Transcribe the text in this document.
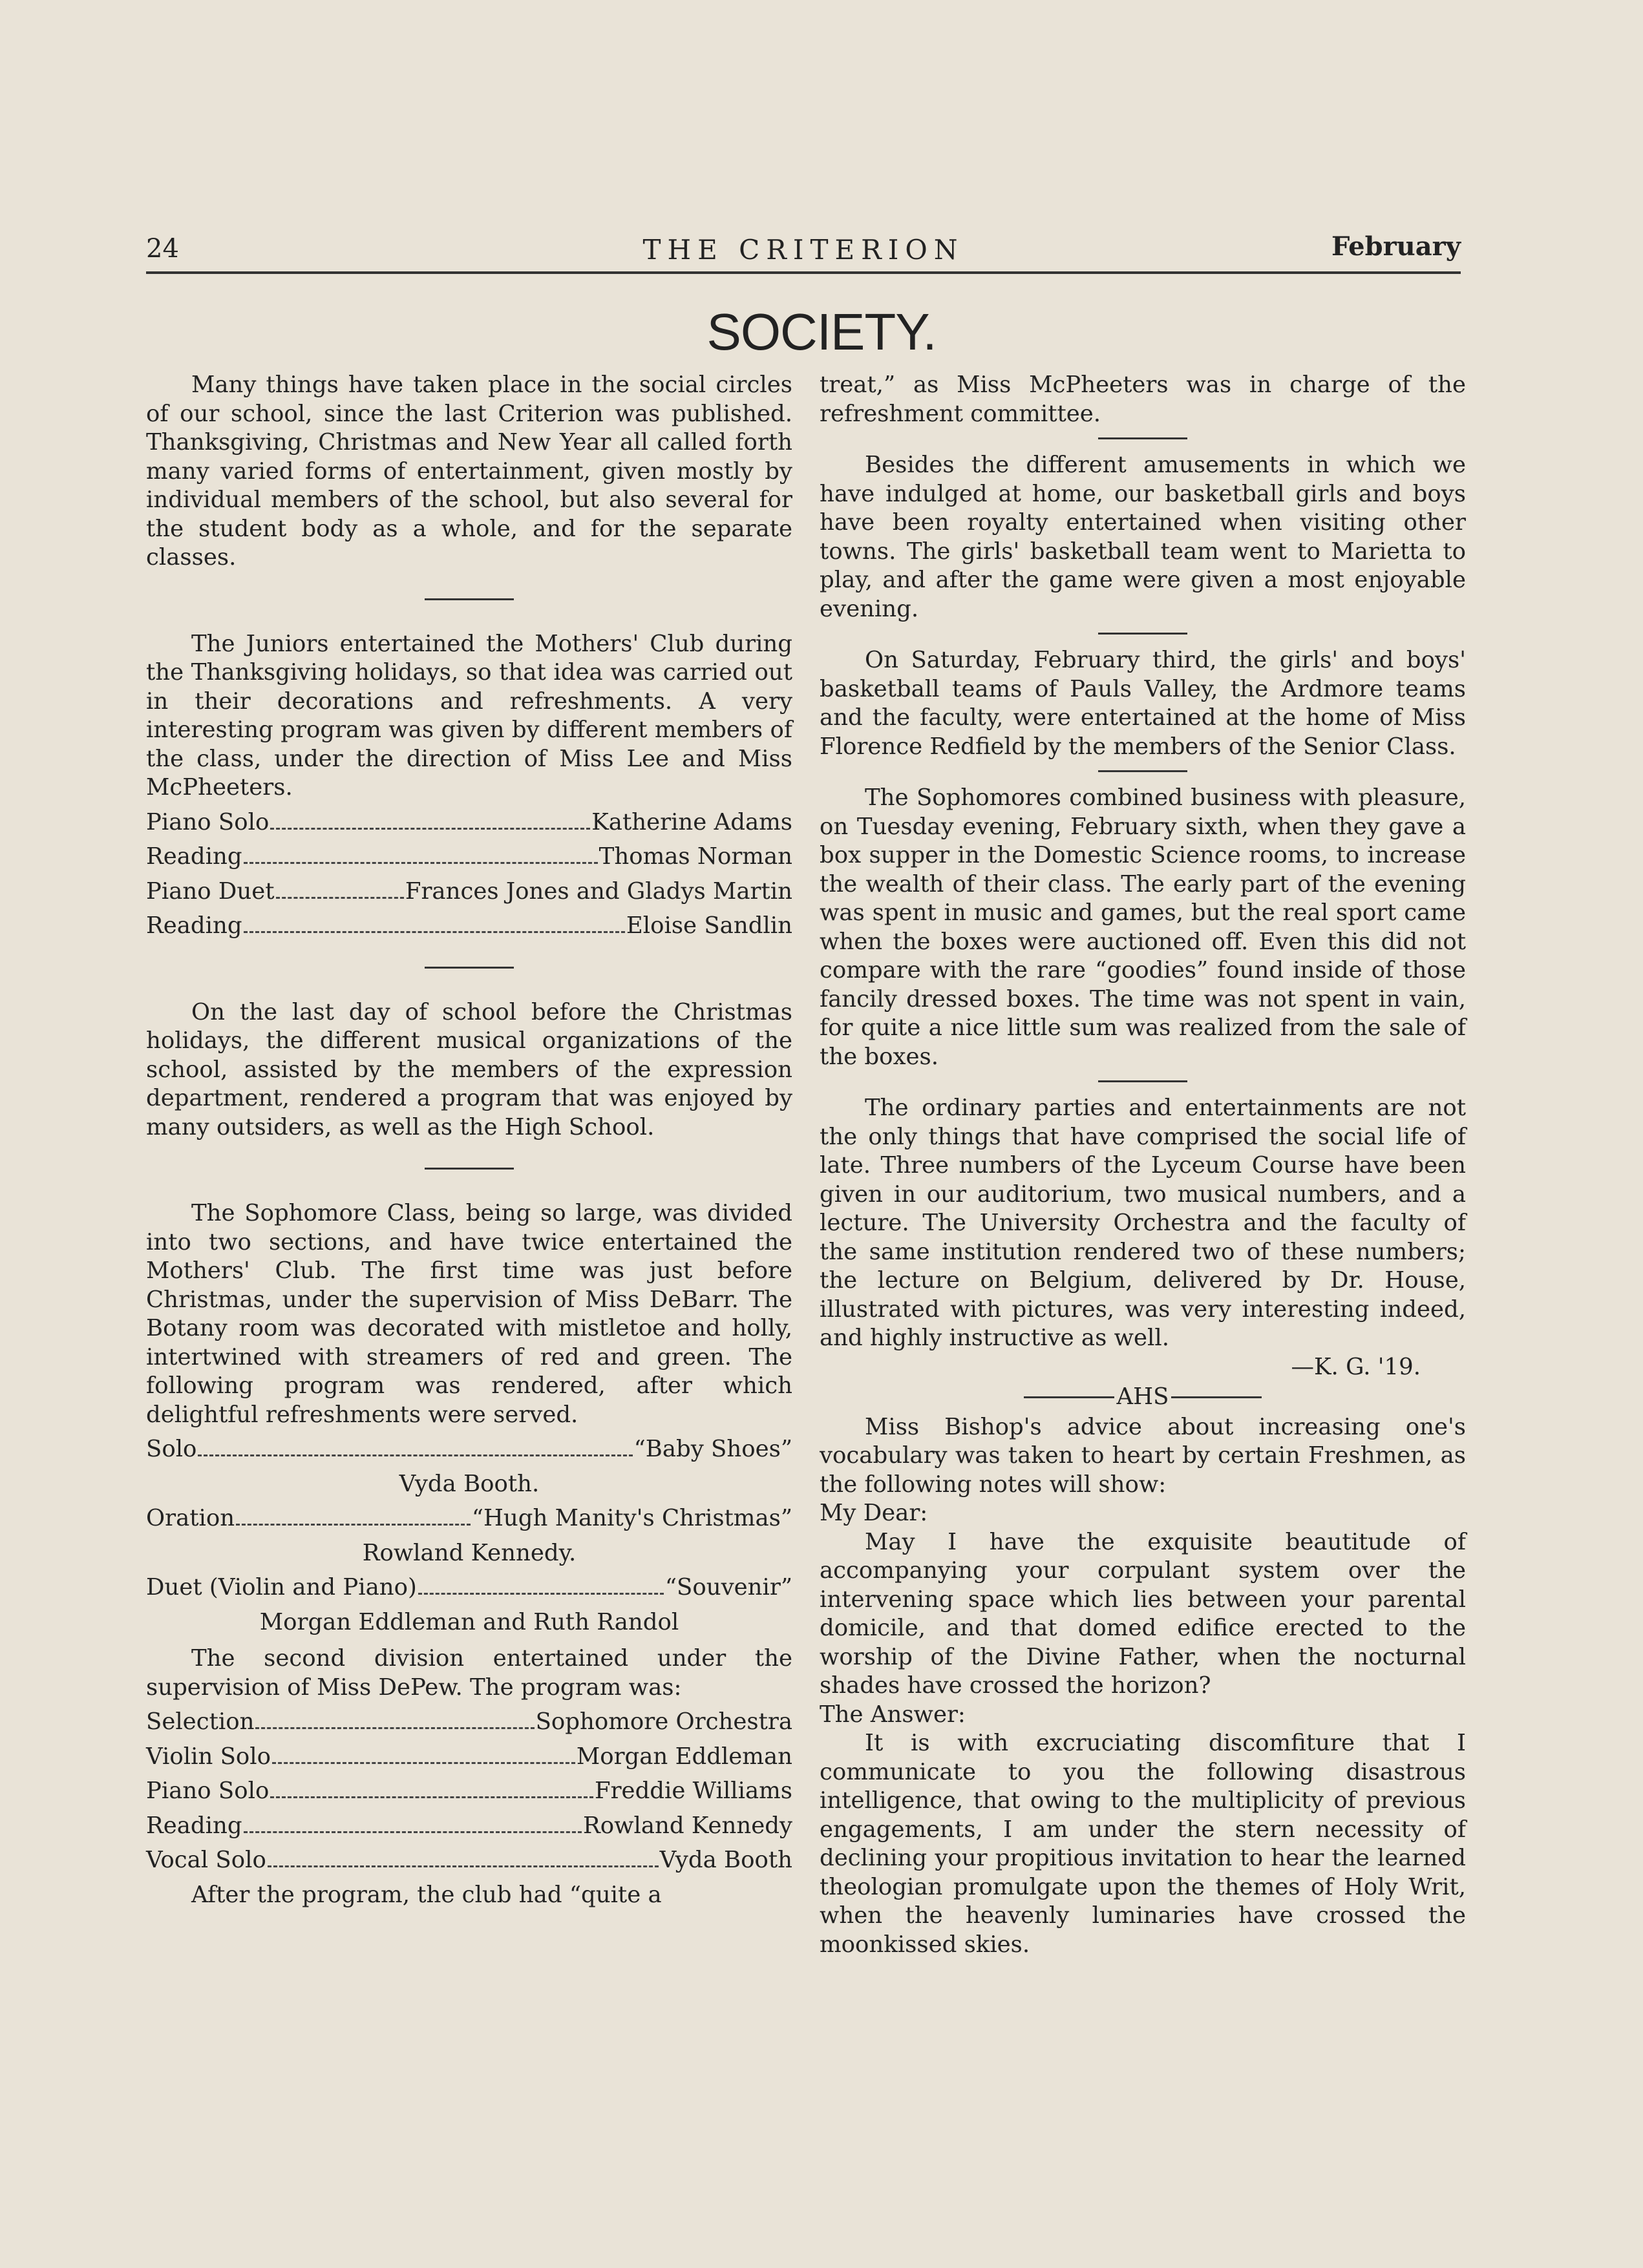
24	THE CRITERION	February
SOCIETY.

Many things have taken place in the social circles of our school, since the last Criterion was published. Thanksgiving, Christmas and New Year all called forth many varied forms of entertainment, given mostly by individual members of the school, but also several for the student body as a whole, and for the separate classes.

The Juniors entertained the Mothers' Club during the Thanksgiving holidays, so that idea was carried out in their decorations and refreshments. A very interesting program was given by different members of the class, under the direction of Miss Lee and Miss McPheeters.

Piano Solo	Katherine Adams
Reading	Thomas Norman
Piano Duet	Frances Jones and Gladys Martin
Reading	Eloise Sandlin

On the last day of school before the Christmas holidays, the different musical organizations of the school, assisted by the members of the expression department, rendered a program that was enjoyed by many outsiders, as well as the High School.

The Sophomore Class, being so large, was divided into two sections, and have twice entertained the Mothers' Club. The first time was just before Christmas, under the supervision of Miss DeBarr. The Botany room was decorated with mistletoe and holly, intertwined with streamers of red and green. The following program was rendered, after which delightful refreshments were served.

Solo	“Baby Shoes”

Vyda Booth.

Oration	“Hugh Manity's Christmas”

Rowland Kennedy.

Duet (Violin and Piano)	“Souvenir”

Morgan Eddleman and Ruth Randol

The second division entertained under the supervision of Miss DePew. The program was:

Selection	Sophomore Orchestra
Violin Solo	Morgan Eddleman
Piano Solo	Freddie Williams
Reading	Rowland Kennedy
Vocal Solo	Vyda Booth

After the program, the club had “quite a

treat,” as Miss McPheeters was in charge of the refreshment committee.

Besides the different amusements in which we have indulged at home, our basketball girls and boys have been royalty entertained when visiting other towns. The girls' basketball team went to Marietta to play, and after the game were given a most enjoyable evening.

On Saturday, February third, the girls' and boys' basketball teams of Pauls Valley, the Ardmore teams and the faculty, were entertained at the home of Miss Florence Redfield by the members of the Senior Class.

The Sophomores combined business with pleasure, on Tuesday evening, February sixth, when they gave a box supper in the Domestic Science rooms, to increase the wealth of their class. The early part of the evening was spent in music and games, but the real sport came when the boxes were auctioned off. Even this did not compare with the rare “goodies” found inside of those fancily dressed boxes. The time was not spent in vain, for quite a nice little sum was realized from the sale of the boxes.

The ordinary parties and entertainments are not the only things that have comprised the social life of late. Three numbers of the Lyceum Course have been given in our auditorium, two musical numbers, and a lecture. The University Orchestra and the faculty of the same institution rendered two of these numbers; the lecture on Belgium, delivered by Dr. House, illustrated with pictures, was very interesting indeed, and highly instructive as well.

—K. G. '19.

AHS

Miss Bishop's advice about increasing one's vocabulary was taken to heart by certain Freshmen, as the following notes will show:

My Dear:

May I have the exquisite beautitude of accompanying your corpulant system over the intervening space which lies between your parental domicile, and that domed edifice erected to the worship of the Divine Father, when the nocturnal shades have crossed the horizon?

The Answer:

It is with excruciating discomfiture that I communicate to you the following disastrous intelligence, that owing to the multiplicity of previous engagements, I am under the stern necessity of declining your propitious invitation to hear the learned theologian promulgate upon the themes of Holy Writ, when the heavenly luminaries have crossed the moonkissed skies.
